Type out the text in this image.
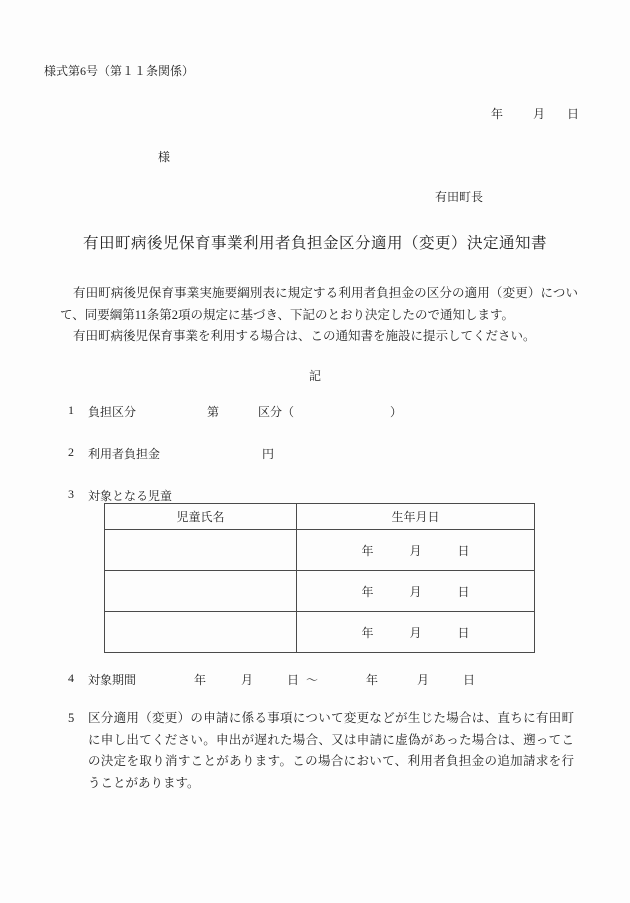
様式第6号（第１１条関係）
年 月 日
様
有田町長
有田町病後児保育事業利用者負担金区分適用（変更）決定通知書
有田町病後児保育事業実施要綱別表に規定する利用者負担金の区分の適用（変更）について、同要綱第11条第2項の規定に基づき、下記のとおり決定したので通知します。
有田町病後児保育事業を利用する場合は、この通知書を施設に提示してください。
記
1 負担区分	第	区分（	）
2 利用者負担金	円
3 対象となる児童
児童氏名	生年月日
	年 月 日
	年 月 日
	年 月 日
4 対象期間	年	月	日 ～	年	月	日
5	区分適用（変更）の申請に係る事項について変更などが生じた場合は、直ちに有田町に申し出てください。申出が遅れた場合、又は申請に虚偽があった場合は、遡ってこの決定を取り消すことがあります。この場合において、利用者負担金の追加請求を行うことがあります。
